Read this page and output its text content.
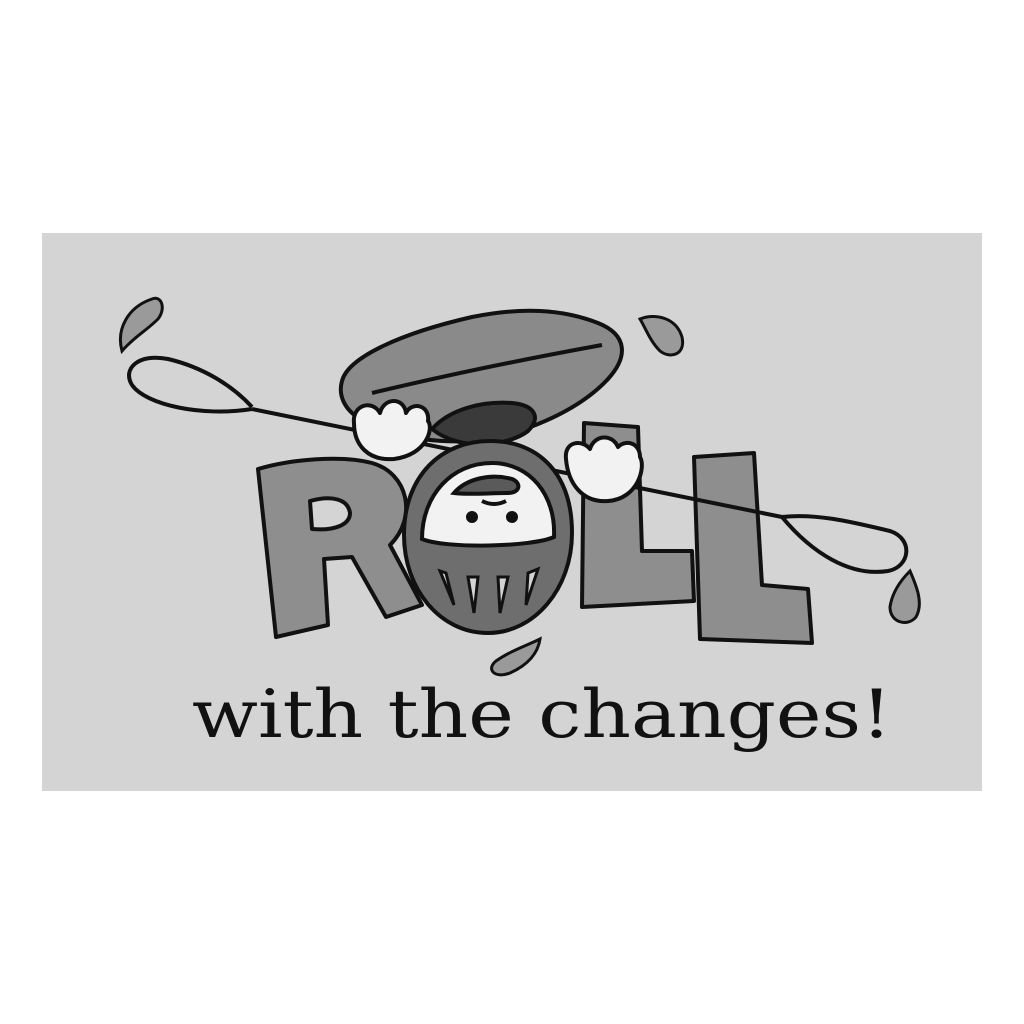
ROLL
with the changes!
